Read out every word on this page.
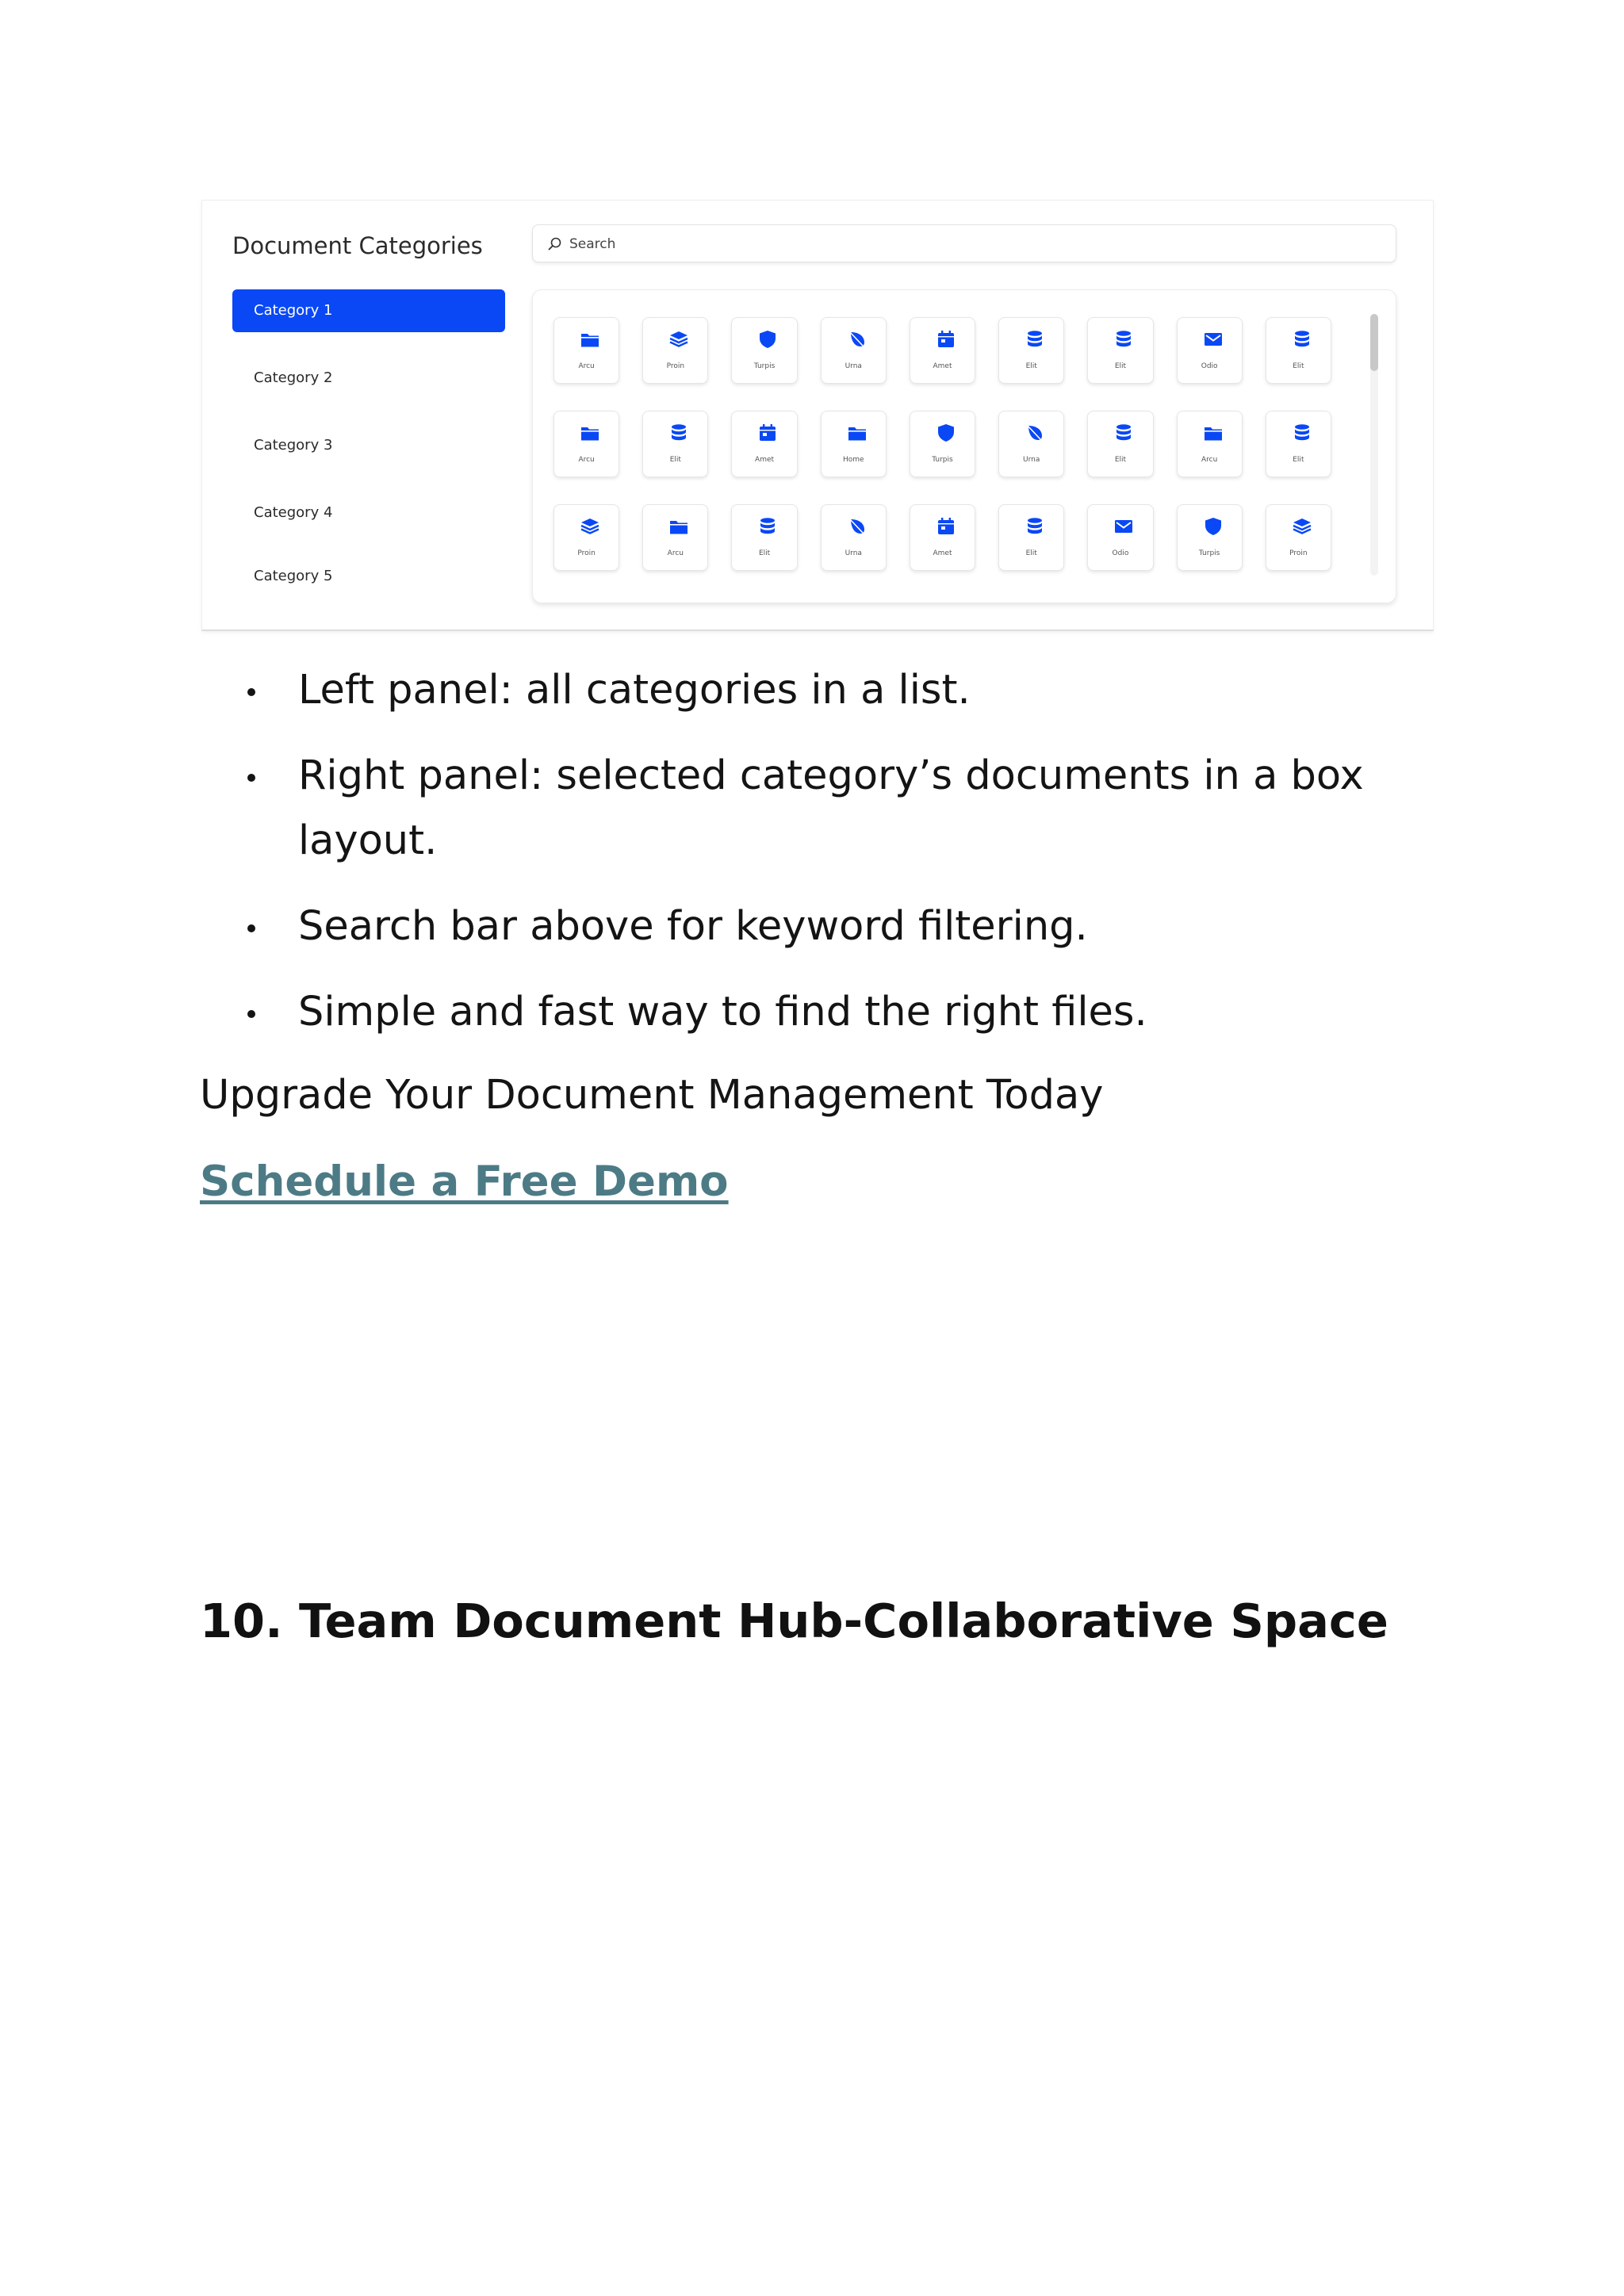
Document Categories
Category 1
Category 2
Category 3
Category 4
Category 5
Search
Arcu	Proin	Turpis	Urna	Amet	Elit	Elit	Odio	Elit
Arcu	Elit	Amet	Home	Turpis	Urna	Elit	Arcu	Elit
Proin	Arcu	Elit	Urna	Amet	Elit	Odio	Turpis	Proin
Left panel: all categories in a list.
Right panel: selected category’s documents in a box layout.
Search bar above for keyword filtering.
Simple and fast way to find the right files.
Upgrade Your Document Management Today
Schedule a Free Demo
10. Team Document Hub-Collaborative Space
